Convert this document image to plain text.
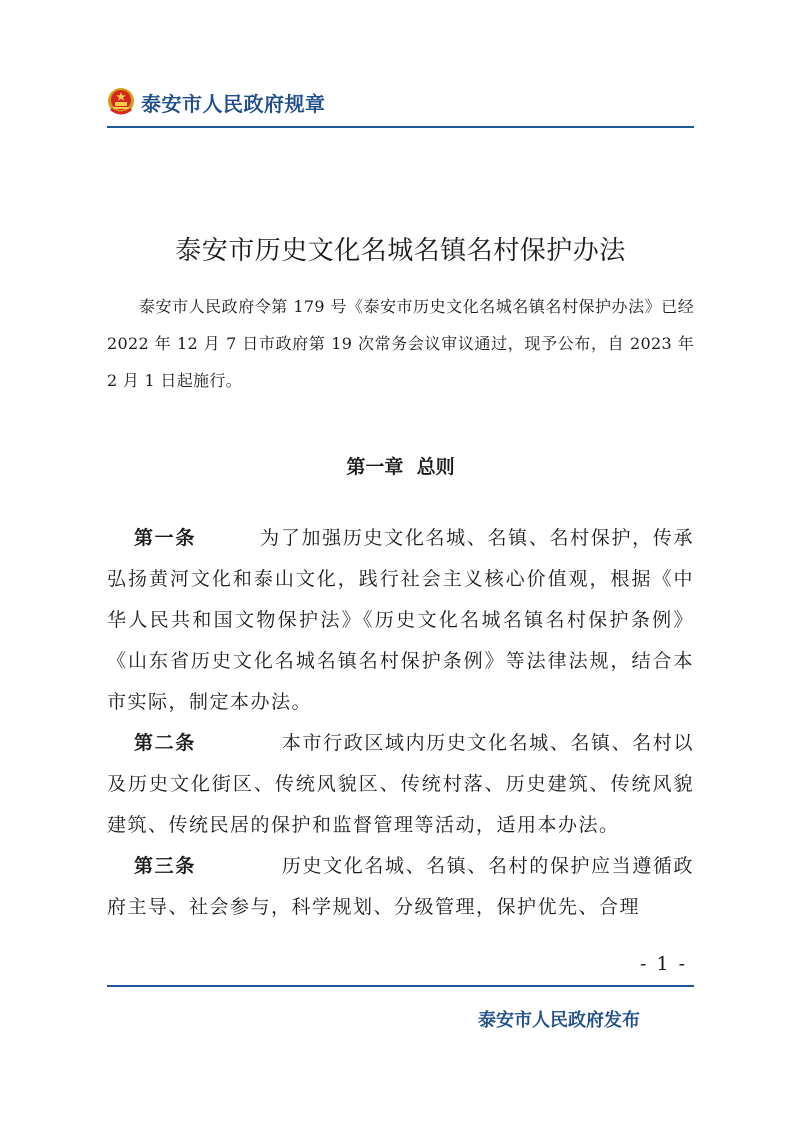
泰安市人民政府规章
泰安市历史文化名城名镇名村保护办法

泰安市人民政府令第 179 号《泰安市历史文化名城名镇名村保护办法》已经 2022 年 12 月 7 日市政府第 19 次常务会议审议通过，现予公布，自 2023 年 2 月 1 日起施行。

第一章  总则

第一条	为了加强历史文化名城、名镇、名村保护，传承弘扬黄河文化和泰山文化，践行社会主义核心价值观，根据《中华人民共和国文物保护法》《历史文化名城名镇名村保护条例》《山东省历史文化名城名镇名村保护条例》等法律法规，结合本市实际，制定本办法。

第二条	本市行政区域内历史文化名城、名镇、名村以及历史文化街区、传统风貌区、传统村落、历史建筑、传统风貌建筑、传统民居的保护和监督管理等活动，适用本办法。

第三条	历史文化名城、名镇、名村的保护应当遵循政府主导、社会参与，科学规划、分级管理，保护优先、合理

- 1 -
泰安市人民政府发布
